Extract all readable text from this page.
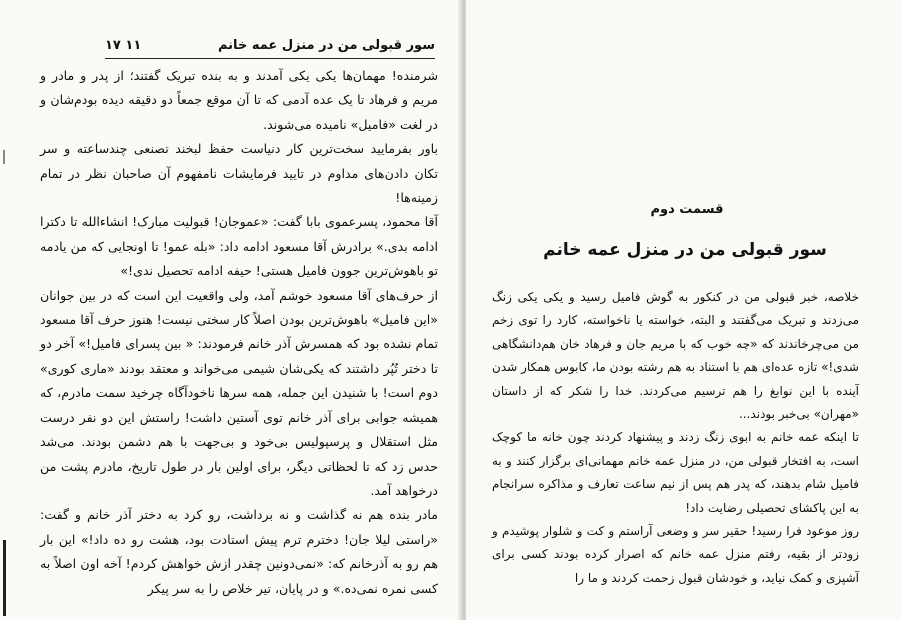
سور قبولی من در منزل عمه خانم
۱۷ ۱۱

شرمنده! مهمان‌ها یکی یکی آمدند و به بنده تبریک گفتند؛ از پدر و مادر و مریم و فرهاد تا یک عده آدمی که تا آن موقع جمعاً دو دقیقه دیده بودم‌شان و در لغت «فامیل» نامیده می‌شوند.

باور بفرمایید سخت‌ترین کار دنیاست حفظ لبخند تصنعی چندساعته و سر تکان دادن‌های مداوم در تایید فرمایشات نامفهوم آن صاحبان نظر در تمام زمینه‌ها!

آقا محمود، پسرعموی بابا گفت: «عموجان! قبولیت مبارک! انشاءالله تا دکترا ادامه بدی.» برادرش آقا مسعود ادامه داد: «بله عمو! تا اونجایی که من یادمه تو باهوش‌ترین جوون فامیل هستی! حیفه ادامه تحصیل ندی!»

از حرف‌های آقا مسعود خوشم آمد، ولی واقعیت این است که در بین جوانان «این فامیل» باهوش‌ترین بودن اصلاً کار سختی نیست! هنوز حرف آقا مسعود تمام نشده بود که همسرش آذر خانم فرمودند: « بین پسرای فامیل!» آخر دو تا دختر تُپُر داشتند که یکی‌شان شیمی می‌خواند و معتقد بودند «ماری کوری» دوم است! با شنیدن این جمله، همه سرها ناخودآگاه چرخید سمت مادرم، که همیشه جوابی برای آذر خانم توی آستین داشت! راستش این دو نفر درست مثل استقلال و پرسپولیس بی‌خود و بی‌جهت با هم دشمن بودند. می‌شد حدس زد که تا لحظاتی دیگر، برای اولین بار در طول تاریخ، مادرم پشت من درخواهد آمد.

مادر بنده هم نه گذاشت و نه برداشت، رو کرد به دختر آذر خانم و گفت: «راستی لیلا جان! دخترم ترم پیش استادت بود، هشت رو ده داد!» این بار هم رو به آذرخانم که: «نمی‌دونین چقدر ازش خواهش کردم! آخه اون اصلاً به کسی نمره نمی‌ده.» و در پایان، تیر خلاص را به سر پیکر

قسمت دوم
سور قبولی من در منزل عمه خانم

خلاصه، خبر قبولی من در کنکور به گوش فامیل رسید و یکی یکی زنگ می‌زدند و تبریک می‌گفتند و البته، خواسته یا ناخواسته، کارد را توی زخم من می‌چرخاندند که «چه خوب که با مریم جان و فرهاد خان هم‌دانشگاهی شدی!» تازه عده‌ای هم با استناد به هم رشته بودن ما، کابوس همکار شدن آینده با این نوابغ را هم ترسیم می‌کردند. خدا را شکر که از داستان «مهران» بی‌خبر بودند...

تا اینکه عمه خانم به ابوی زنگ زدند و پیشنهاد کردند چون خانه ما کوچک است، به افتخار قبولی من، در منزل عمه خانم مهمانی‌ای برگزار کنند و به فامیل شام بدهند، که پدر هم پس از نیم ساعت تعارف و مذاکره سرانجام به این پاکشای تحصیلی رضایت داد!

روز موعود فرا رسید! حقیر سر و وضعی آراستم و کت و شلوار پوشیدم و زودتر از بقیه، رفتم منزل عمه خانم که اصرار کرده بودند کسی برای آشپزی و کمک نیاید، و خودشان قبول زحمت کردند و ما را
